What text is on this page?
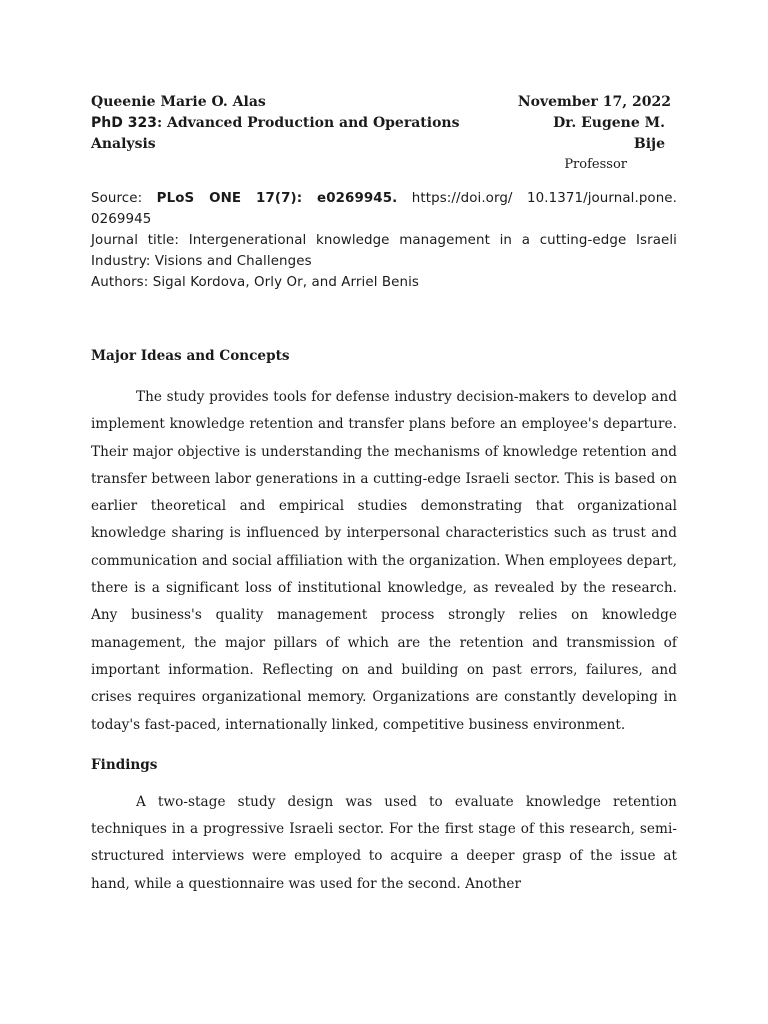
Queenie Marie O. Alas	November 17, 2022
PhD 323: Advanced Production and Operations Analysis
Dr. Eugene M. Bije
Professor
Source: PLoS ONE 17(7): e0269945. https://doi.org/ 10.1371/journal.pone. 0269945
Journal title: Intergenerational knowledge management in a cutting-edge Israeli Industry: Visions and Challenges
Authors: Sigal Kordova, Orly Or, and Arriel Benis
Major Ideas and Concepts
The study provides tools for defense industry decision-makers to develop and implement knowledge retention and transfer plans before an employee's departure. Their major objective is understanding the mechanisms of knowledge retention and transfer between labor generations in a cutting-edge Israeli sector. This is based on earlier theoretical and empirical studies demonstrating that organizational knowledge sharing is influenced by interpersonal characteristics such as trust and communication and social affiliation with the organization. When employees depart, there is a significant loss of institutional knowledge, as revealed by the research. Any business's quality management process strongly relies on knowledge management, the major pillars of which are the retention and transmission of important information. Reflecting on and building on past errors, failures, and crises requires organizational memory. Organizations are constantly developing in today's fast-paced, internationally linked, competitive business environment.
Findings
A two-stage study design was used to evaluate knowledge retention techniques in a progressive Israeli sector. For the first stage of this research, semi-structured interviews were employed to acquire a deeper grasp of the issue at hand, while a questionnaire was used for the second. Another
